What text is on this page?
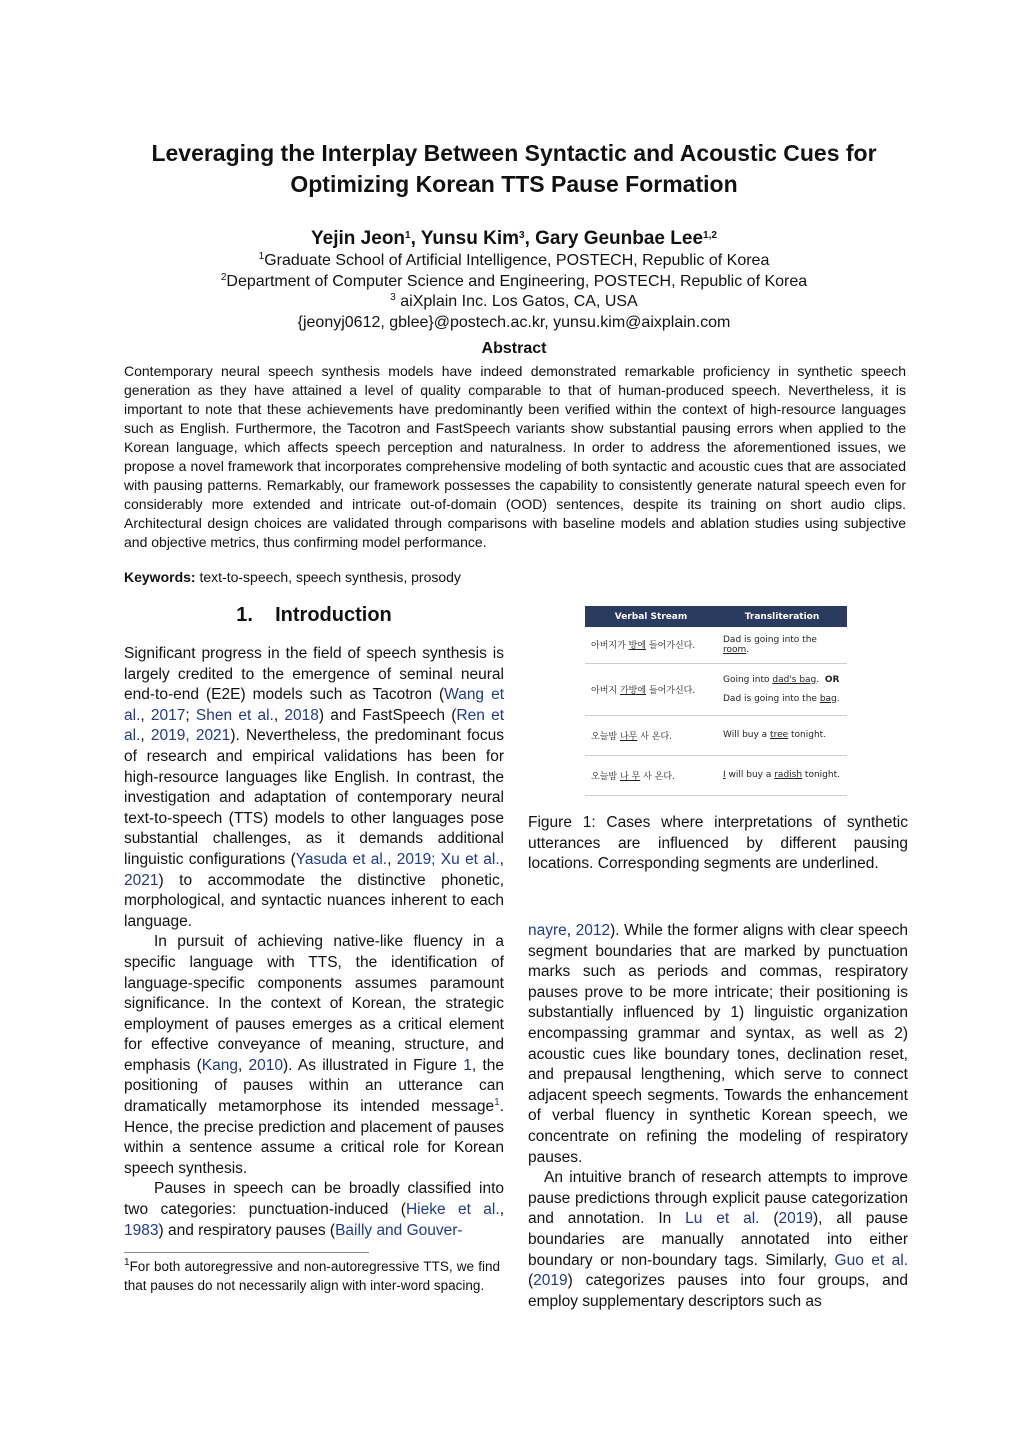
Leveraging the Interplay Between Syntactic and Acoustic Cues for
Optimizing Korean TTS Pause Formation
Yejin Jeon$^1$, Yunsu Kim$^3$, Gary Geunbae Lee$^{1,2}$
$^1$Graduate School of Artificial Intelligence, POSTECH, Republic of Korea
$^2$Department of Computer Science and Engineering, POSTECH, Republic of Korea
$^3$ aiXplain Inc. Los Gatos, CA, USA
{jeonyj0612, gblee}@postech.ac.kr, yunsu.kim@aixplain.com
Abstract
Contemporary neural speech synthesis models have indeed demonstrated remarkable proficiency in synthetic speech generation as they have attained a level of quality comparable to that of human-produced speech. Nevertheless, it is important to note that these achievements have predominantly been verified within the context of high-resource languages such as English. Furthermore, the Tacotron and FastSpeech variants show substantial pausing errors when applied to the Korean language, which affects speech perception and naturalness. In order to address the aforementioned issues, we propose a novel framework that incorporates comprehensive modeling of both syntactic and acoustic cues that are associated with pausing patterns. Remarkably, our framework possesses the capability to consistently generate natural speech even for considerably more extended and intricate out-of-domain (OOD) sentences, despite its training on short audio clips. Architectural design choices are validated through comparisons with baseline models and ablation studies using subjective and objective metrics, thus confirming model performance.
Keywords: text-to-speech, speech synthesis, prosody
1.    Introduction

Significant progress in the field of speech synthesis is largely credited to the emergence of seminal neural end-to-end (E2E) models such as Tacotron (Wang et al., 2017; Shen et al., 2018) and FastSpeech (Ren et al., 2019, 2021). Nevertheless, the predominant focus of research and empirical validations has been for high-resource languages like English. In contrast, the investigation and adaptation of contemporary neural text-to-speech (TTS) models to other languages pose substantial challenges, as it demands additional linguistic configurations (Yasuda et al., 2019; Xu et al., 2021) to accommodate the distinctive phonetic, morphological, and syntactic nuances inherent to each language.

In pursuit of achieving native-like fluency in a specific language with TTS, the identification of language-specific components assumes paramount significance. In the context of Korean, the strategic employment of pauses emerges as a critical element for effective conveyance of meaning, structure, and emphasis (Kang, 2010). As illustrated in Figure 1, the positioning of pauses within an utterance can dramatically metamorphose its intended message$^1$. Hence, the precise prediction and placement of pauses within a sentence assume a critical role for Korean speech synthesis.

Pauses in speech can be broadly classified into two categories: punctuation-induced (Hieke et al., 1983) and respiratory pauses (Bailly and Gouver-

$^1$For both autoregressive and non-autoregressive TTS, we find that pauses do not necessarily align with inter-word spacing.
Verbal Stream	Transliteration
아버지가 방에 들어가신다.	Dad is going into the room.
아버지 가방에 들어가신다.	Going into dad's bag. OR
Dad is going into the bag.

오늘밤 나무 사 온다.	Will buy a tree tonight.
오늘밤 나 무 사 온다.	I will buy a radish tonight.
Figure 1: Cases where interpretations of synthetic utterances are influenced by different pausing locations. Corresponding segments are underlined.

nayre, 2012). While the former aligns with clear speech segment boundaries that are marked by punctuation marks such as periods and commas, respiratory pauses prove to be more intricate; their positioning is substantially influenced by 1) linguistic organization encompassing grammar and syntax, as well as 2) acoustic cues like boundary tones, declination reset, and prepausal lengthening, which serve to connect adjacent speech segments. Towards the enhancement of verbal fluency in synthetic Korean speech, we concentrate on refining the modeling of respiratory pauses.

An intuitive branch of research attempts to improve pause predictions through explicit pause categorization and annotation. In Lu et al. (2019), all pause boundaries are manually annotated into either boundary or non-boundary tags. Similarly, Guo et al. (2019) categorizes pauses into four groups, and employ supplementary descriptors such as
